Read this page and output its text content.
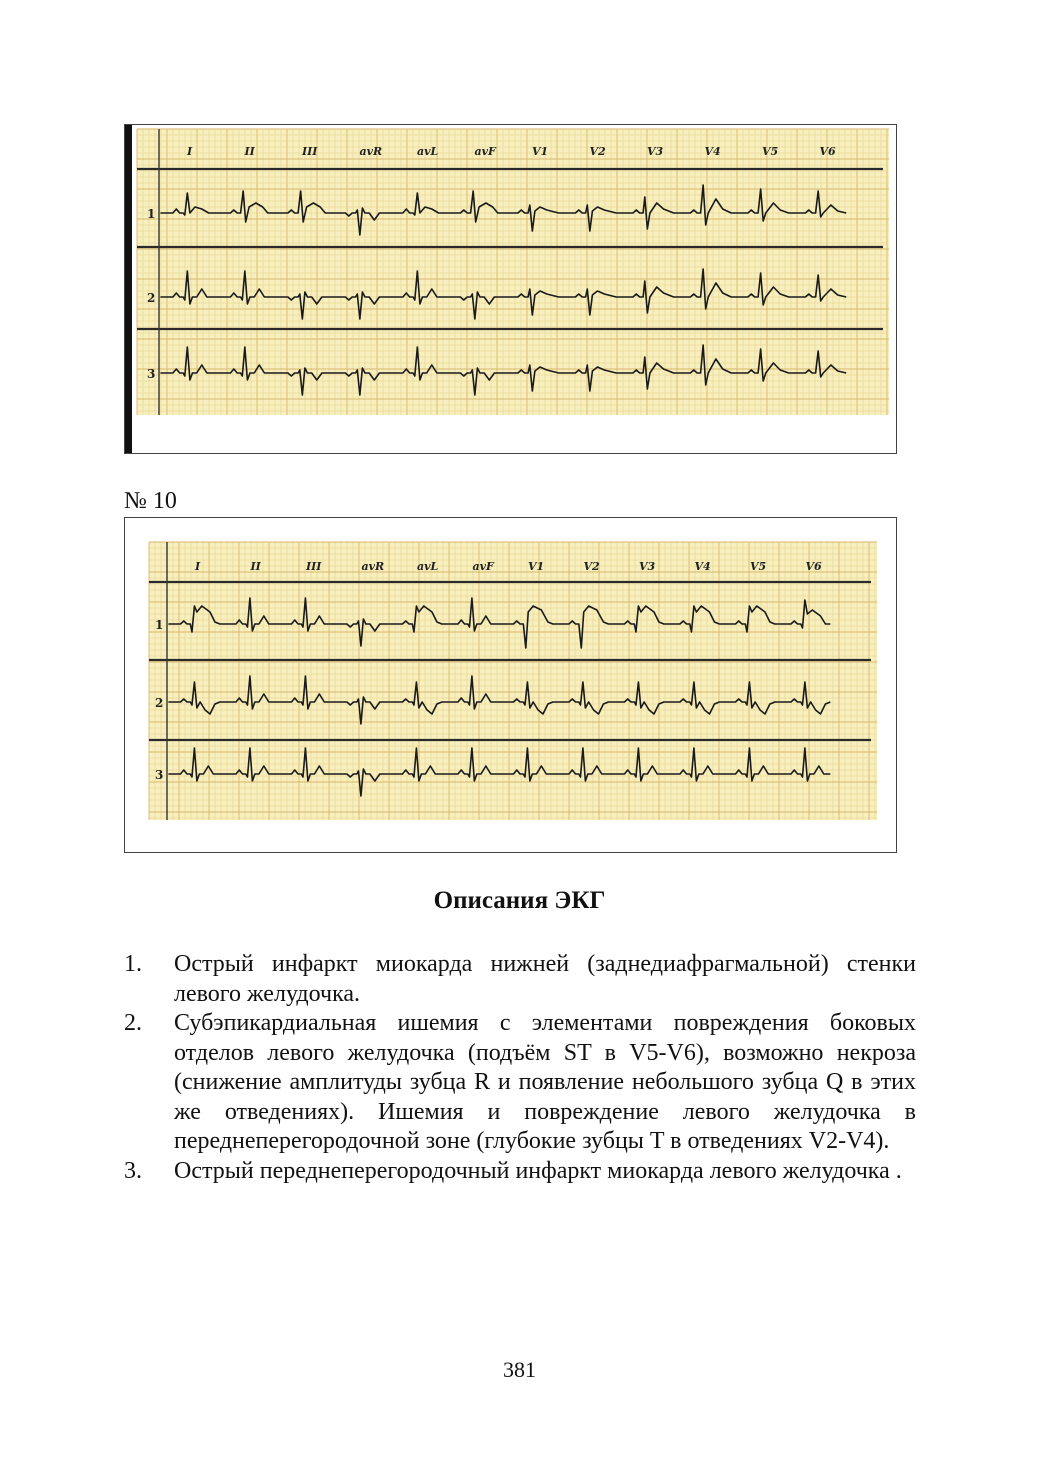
I	II	III	avR	avL	avF	V1	V2	V3	V4	V5	V6
1
2
3
№ 10
I	II	III	avR	avL	avF	V1	V2	V3	V4	V5	V6
1
2
3
Описания ЭКГ
1. Острый инфаркт миокарда нижней (заднедиафрагмальной) стенки левого желудочка.
2. Субэпикардиальная ишемия с элементами повреждения боковых отделов левого желудочка (подъём ST в V5-V6), возможно некроза (снижение амплитуды зубца R и появление небольшого зубца Q в этих же отведениях). Ишемия и повреждение левого желудочка в переднеперегородочной зоне (глубокие зубцы T в отведениях V2-V4).
3. Острый переднеперегородочный инфаркт миокарда левого желудочка .
381
